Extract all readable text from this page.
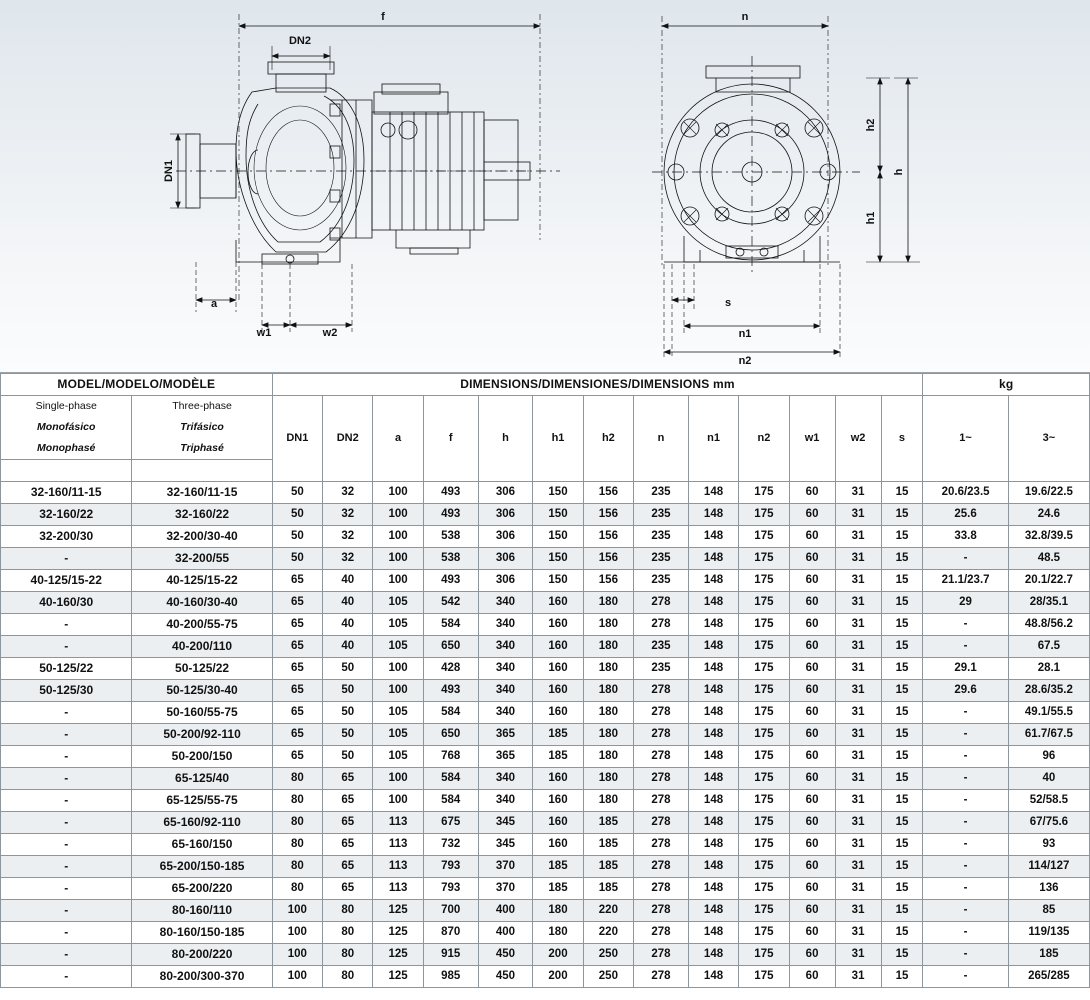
f
DN2
DN1
a
w1	w2
n
h2
h
h1
s
n1
n2
MODEL/MODELO/MODÈLE		DIMENSIONS/DIMENSIONES/DIMENSIONS mm													kg	

Single-phase
Monofásico
Monophasé	Three-phase
Trifásico
Triphasé	DN1	DN2	a	f	h	h1	h2	n	n1	n2	w1	w2	s	1~	3~

32-160/11-15	32-160/11-15	50	32	100	493	306	150	156	235	148	175	60	31	15	20.6/23.5	19.6/22.5
32-160/22	32-160/22	50	32	100	493	306	150	156	235	148	175	60	31	15	25.6	24.6
32-200/30	32-200/30-40	50	32	100	538	306	150	156	235	148	175	60	31	15	33.8	32.8/39.5
-	32-200/55	50	32	100	538	306	150	156	235	148	175	60	31	15	-	48.5
40-125/15-22	40-125/15-22	65	40	100	493	306	150	156	235	148	175	60	31	15	21.1/23.7	20.1/22.7
40-160/30	40-160/30-40	65	40	105	542	340	160	180	278	148	175	60	31	15	29	28/35.1
-	40-200/55-75	65	40	105	584	340	160	180	278	148	175	60	31	15	-	48.8/56.2
-	40-200/110	65	40	105	650	340	160	180	235	148	175	60	31	15	-	67.5
50-125/22	50-125/22	65	50	100	428	340	160	180	235	148	175	60	31	15	29.1	28.1
50-125/30	50-125/30-40	65	50	100	493	340	160	180	278	148	175	60	31	15	29.6	28.6/35.2
-	50-160/55-75	65	50	105	584	340	160	180	278	148	175	60	31	15	-	49.1/55.5
-	50-200/92-110	65	50	105	650	365	185	180	278	148	175	60	31	15	-	61.7/67.5
-	50-200/150	65	50	105	768	365	185	180	278	148	175	60	31	15	-	96
-	65-125/40	80	65	100	584	340	160	180	278	148	175	60	31	15	-	40
-	65-125/55-75	80	65	100	584	340	160	180	278	148	175	60	31	15	-	52/58.5
-	65-160/92-110	80	65	113	675	345	160	185	278	148	175	60	31	15	-	67/75.6
-	65-160/150	80	65	113	732	345	160	185	278	148	175	60	31	15	-	93
-	65-200/150-185	80	65	113	793	370	185	185	278	148	175	60	31	15	-	114/127
-	65-200/220	80	65	113	793	370	185	185	278	148	175	60	31	15	-	136
-	80-160/110	100	80	125	700	400	180	220	278	148	175	60	31	15	-	85
-	80-160/150-185	100	80	125	870	400	180	220	278	148	175	60	31	15	-	119/135
-	80-200/220	100	80	125	915	450	200	250	278	148	175	60	31	15	-	185
-	80-200/300-370	100	80	125	985	450	200	250	278	148	175	60	31	15	-	265/285
